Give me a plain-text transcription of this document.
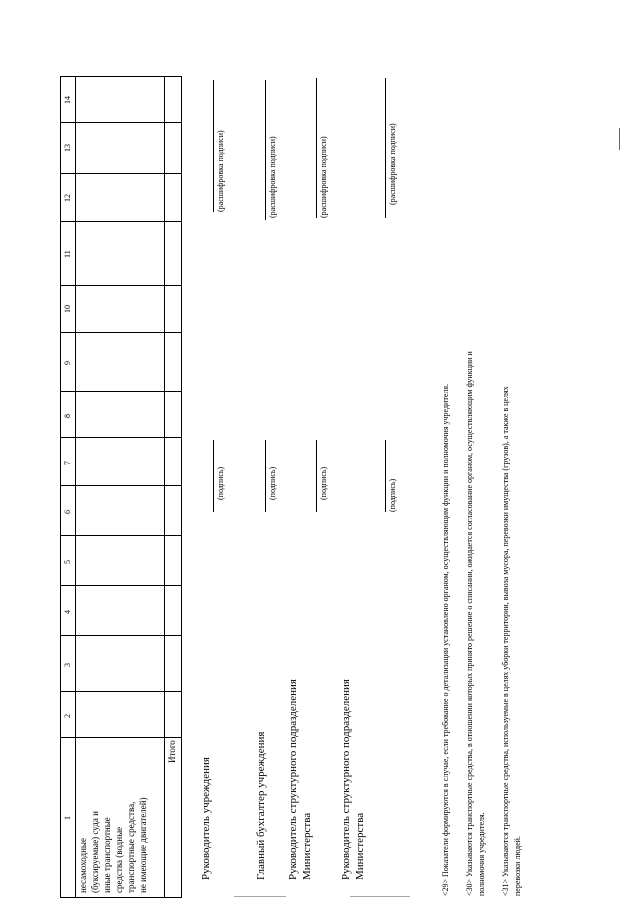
14
13
12
11
10
9
8
7
6
5
4
3
2
1
несамоходные (буксируемые) суда и иные транспортные средства (водные транспортные средства, не имеющие двигателей)
Итого
Руководитель учреждения
(подпись)
(расшифровка подписи)
Главный бухгалтер учреждения
(подпись)
(расшифровка подписи)
Руководитель структурного подразделения Министерства
(подпись)
(расшифровка подписи)
Руководитель структурного подразделения Министерства
(подпись)
(расшифровка подписи)
<29> Показатели формируются в случае, если требование о детализации установлено органом, осуществляющим функции и полномочия учредителя. <30> Указываются транспортные средства, в отношении которых принято решение о списании, ожидается согласование органом, осуществляющим функции и полномочия учредителя. <31> Указываются транспортные средства, используемые в целях уборки территории, вывоза мусора, перевозки имущества (грузов), а также в целях перевозки людей.
